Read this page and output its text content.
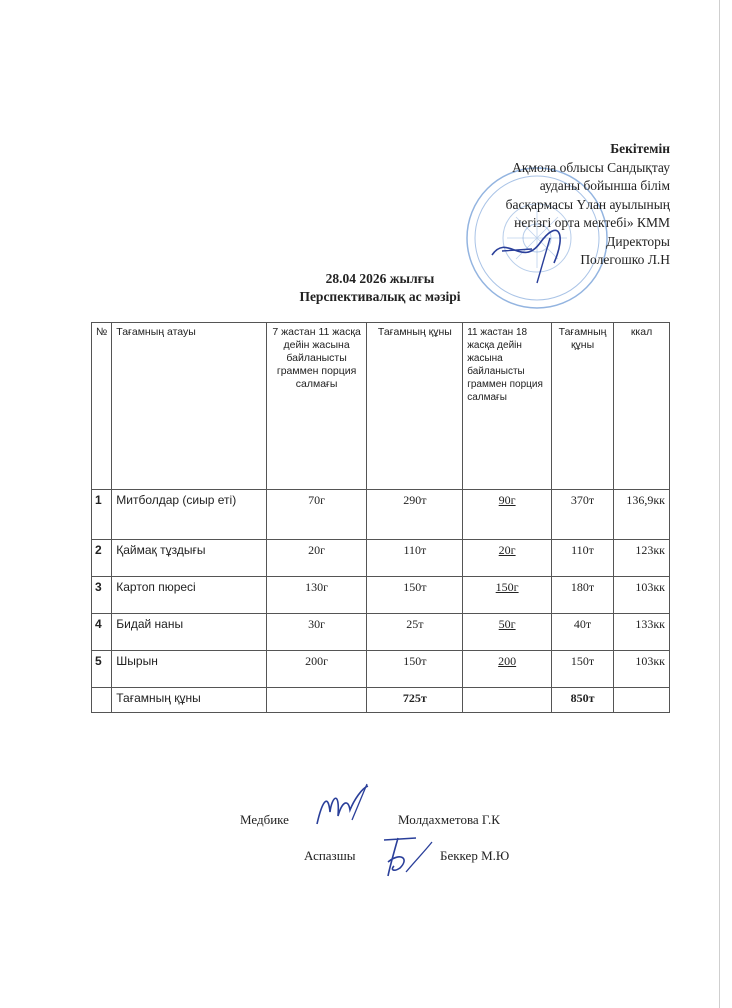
Бекітемін
Ақмола облысы Сандықтау
ауданы бойынша білім
басқармасы Үлан ауылының
негізгі орта мектебі» КММ
Директоры
Полегошко Л.Н
28.04 2026 жылғы
Перспективалық ас мәзірі
№	Тағамның атауы	7 жастан 11 жасқа дейін жасына байланысты граммен порция салмағы	Тағамның құны	11 жастан 18 жасқа дейін жасына байланысты граммен порция салмағы	Тағамның құны	ккал
1	Митболдар (сиыр еті)	70г	290т	90г	370т	136,9кк
2	Қаймақ тұздығы	20г	110т	20г	110т	123кк
3	Картоп пюресі	130г	150т	150г	180т	103кк
4	Бидай наны	30г	25т	50г	40т	133кк
5	Шырын	200г	150т	200	150т	103кк
	Тағамның құны		725т		850т	
Медбике	Молдахметова Г.К
Аспазшы	Беккер М.Ю
